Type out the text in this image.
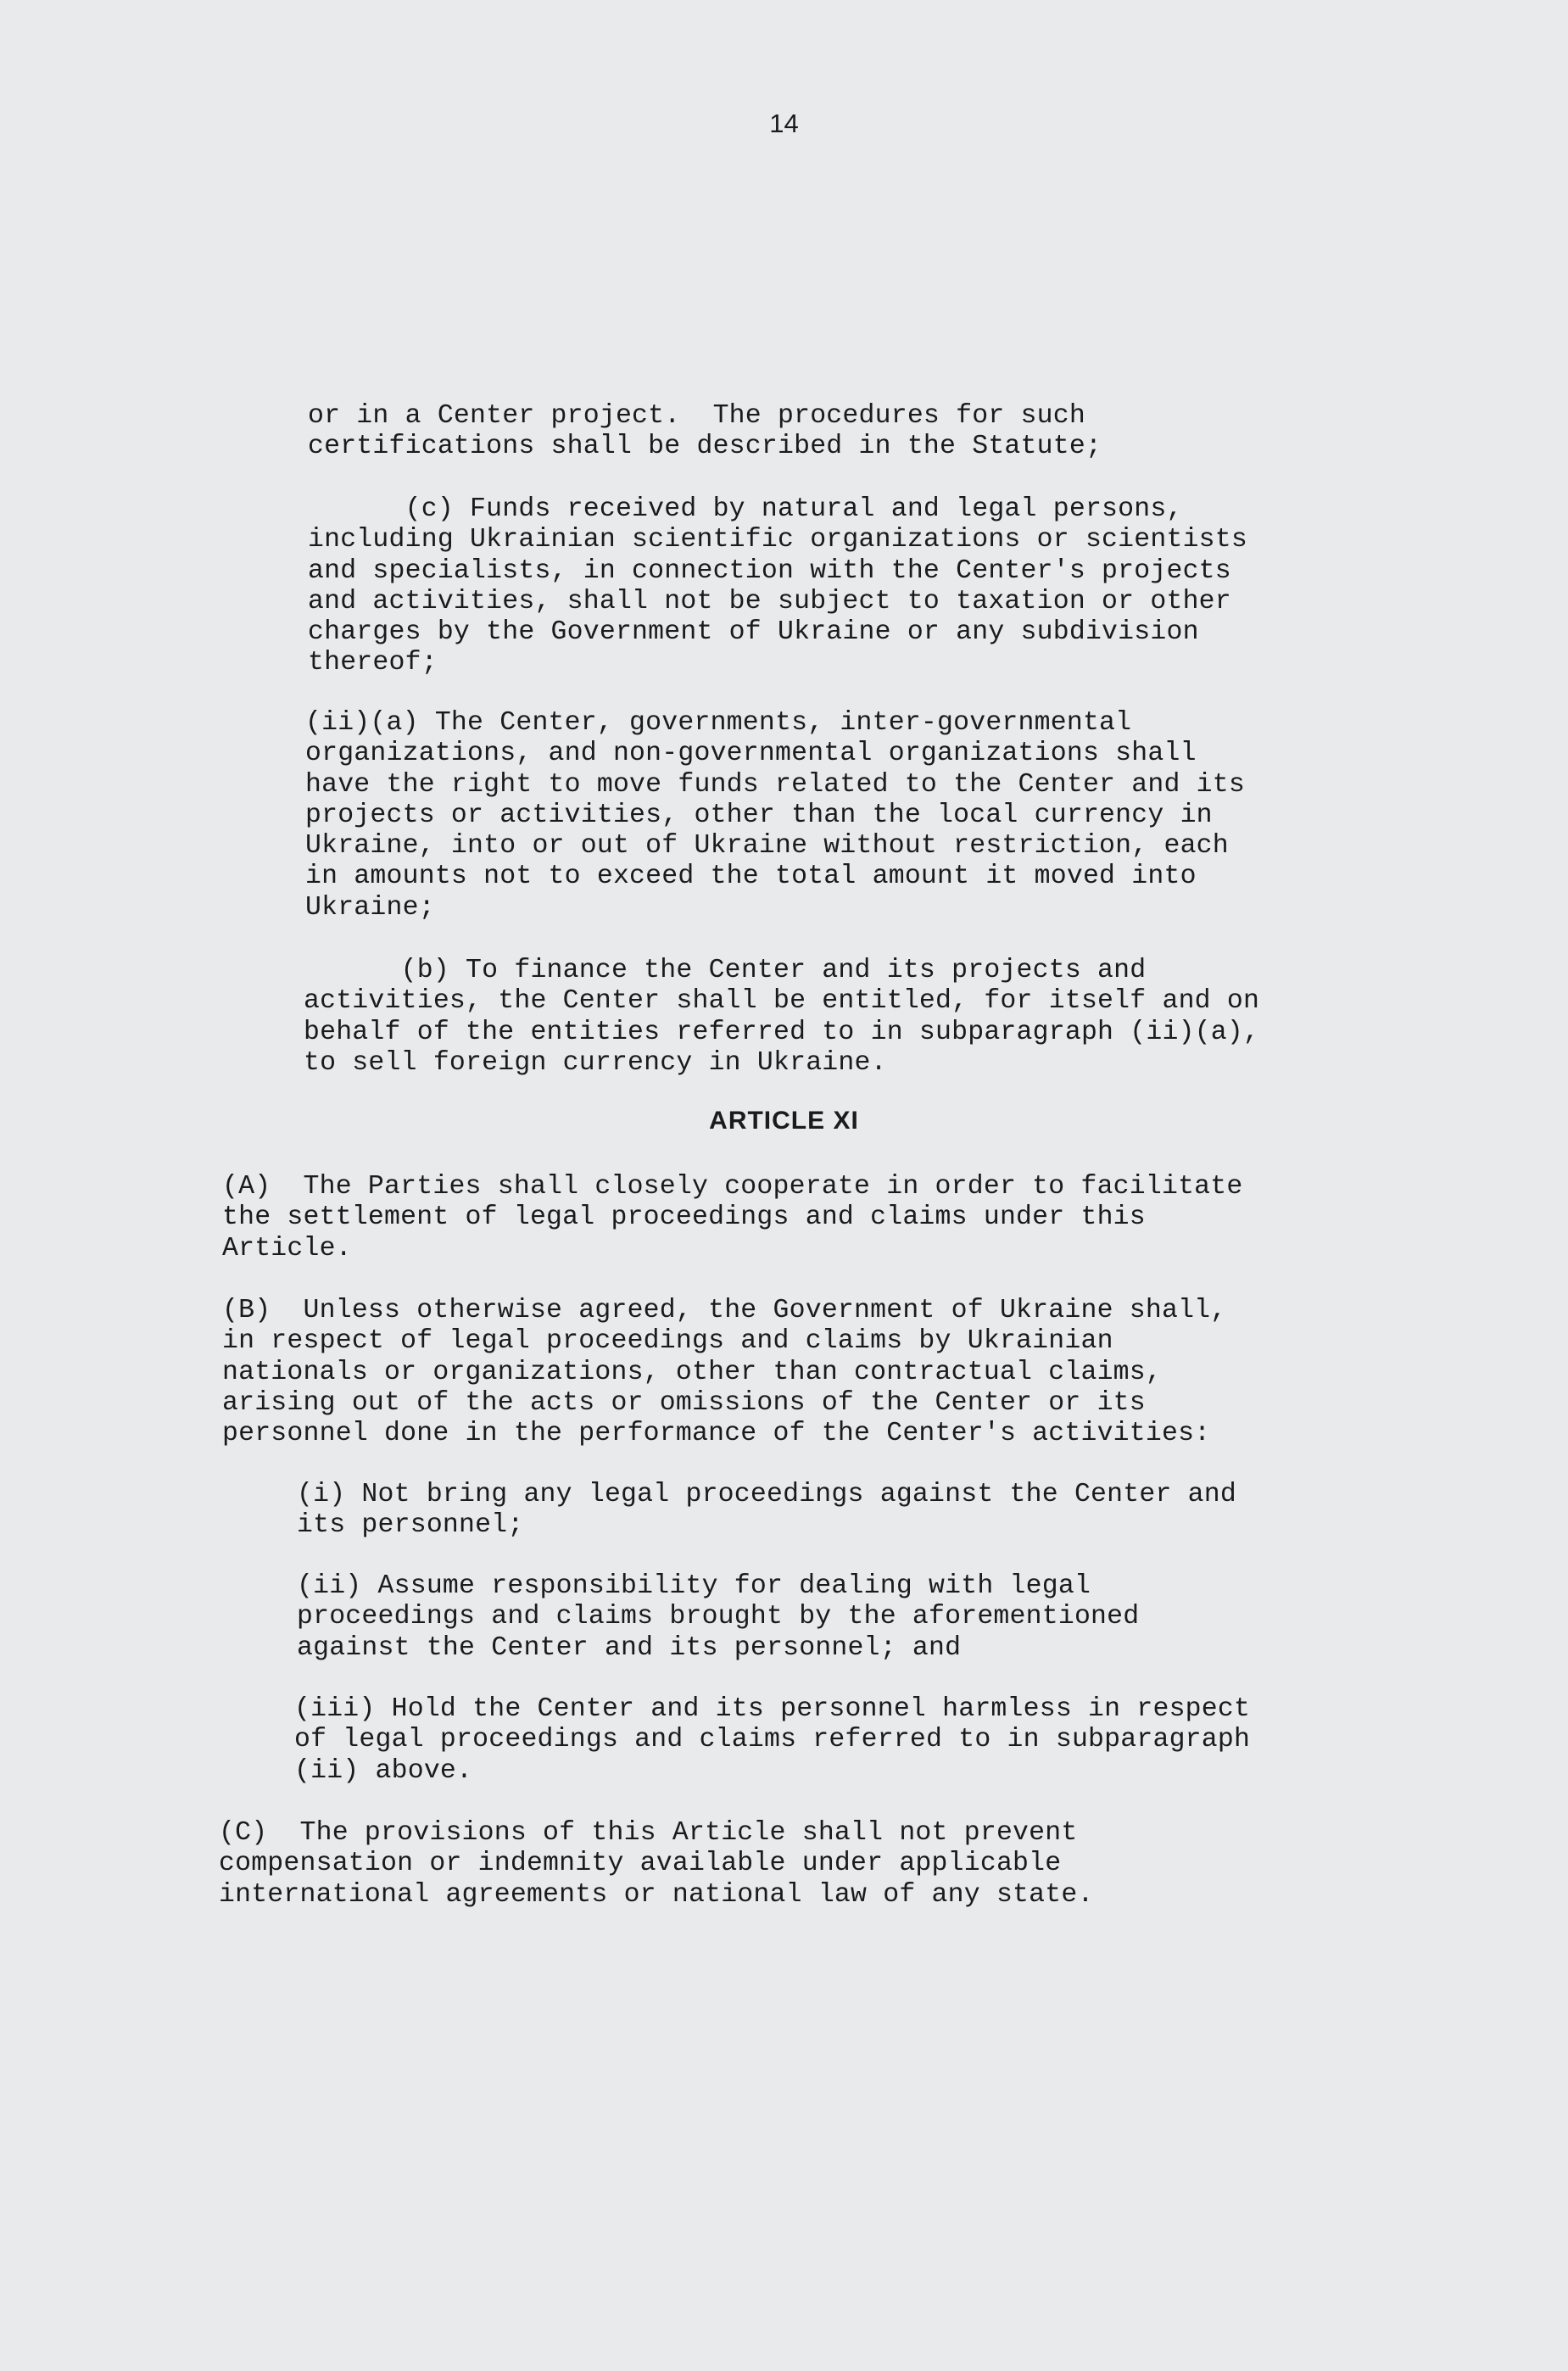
14

or in a Center project.  The procedures for such
certifications shall be described in the Statute;

(c) Funds received by natural and legal persons,
including Ukrainian scientific organizations or scientists
and specialists, in connection with the Center's projects
and activities, shall not be subject to taxation or other
charges by the Government of Ukraine or any subdivision
thereof;

(ii)(a) The Center, governments, inter-governmental
organizations, and non-governmental organizations shall
have the right to move funds related to the Center and its
projects or activities, other than the local currency in
Ukraine, into or out of Ukraine without restriction, each
in amounts not to exceed the total amount it moved into
Ukraine;

(b) To finance the Center and its projects and
activities, the Center shall be entitled, for itself and on
behalf of the entities referred to in subparagraph (ii)(a),
to sell foreign currency in Ukraine.

ARTICLE XI

(A)  The Parties shall closely cooperate in order to facilitate
the settlement of legal proceedings and claims under this
Article.

(B)  Unless otherwise agreed, the Government of Ukraine shall,
in respect of legal proceedings and claims by Ukrainian
nationals or organizations, other than contractual claims,
arising out of the acts or omissions of the Center or its
personnel done in the performance of the Center's activities:

(i) Not bring any legal proceedings against the Center and
its personnel;

(ii) Assume responsibility for dealing with legal
proceedings and claims brought by the aforementioned
against the Center and its personnel; and

(iii) Hold the Center and its personnel harmless in respect
of legal proceedings and claims referred to in subparagraph
(ii) above.

(C)  The provisions of this Article shall not prevent
compensation or indemnity available under applicable
international agreements or national law of any state.
